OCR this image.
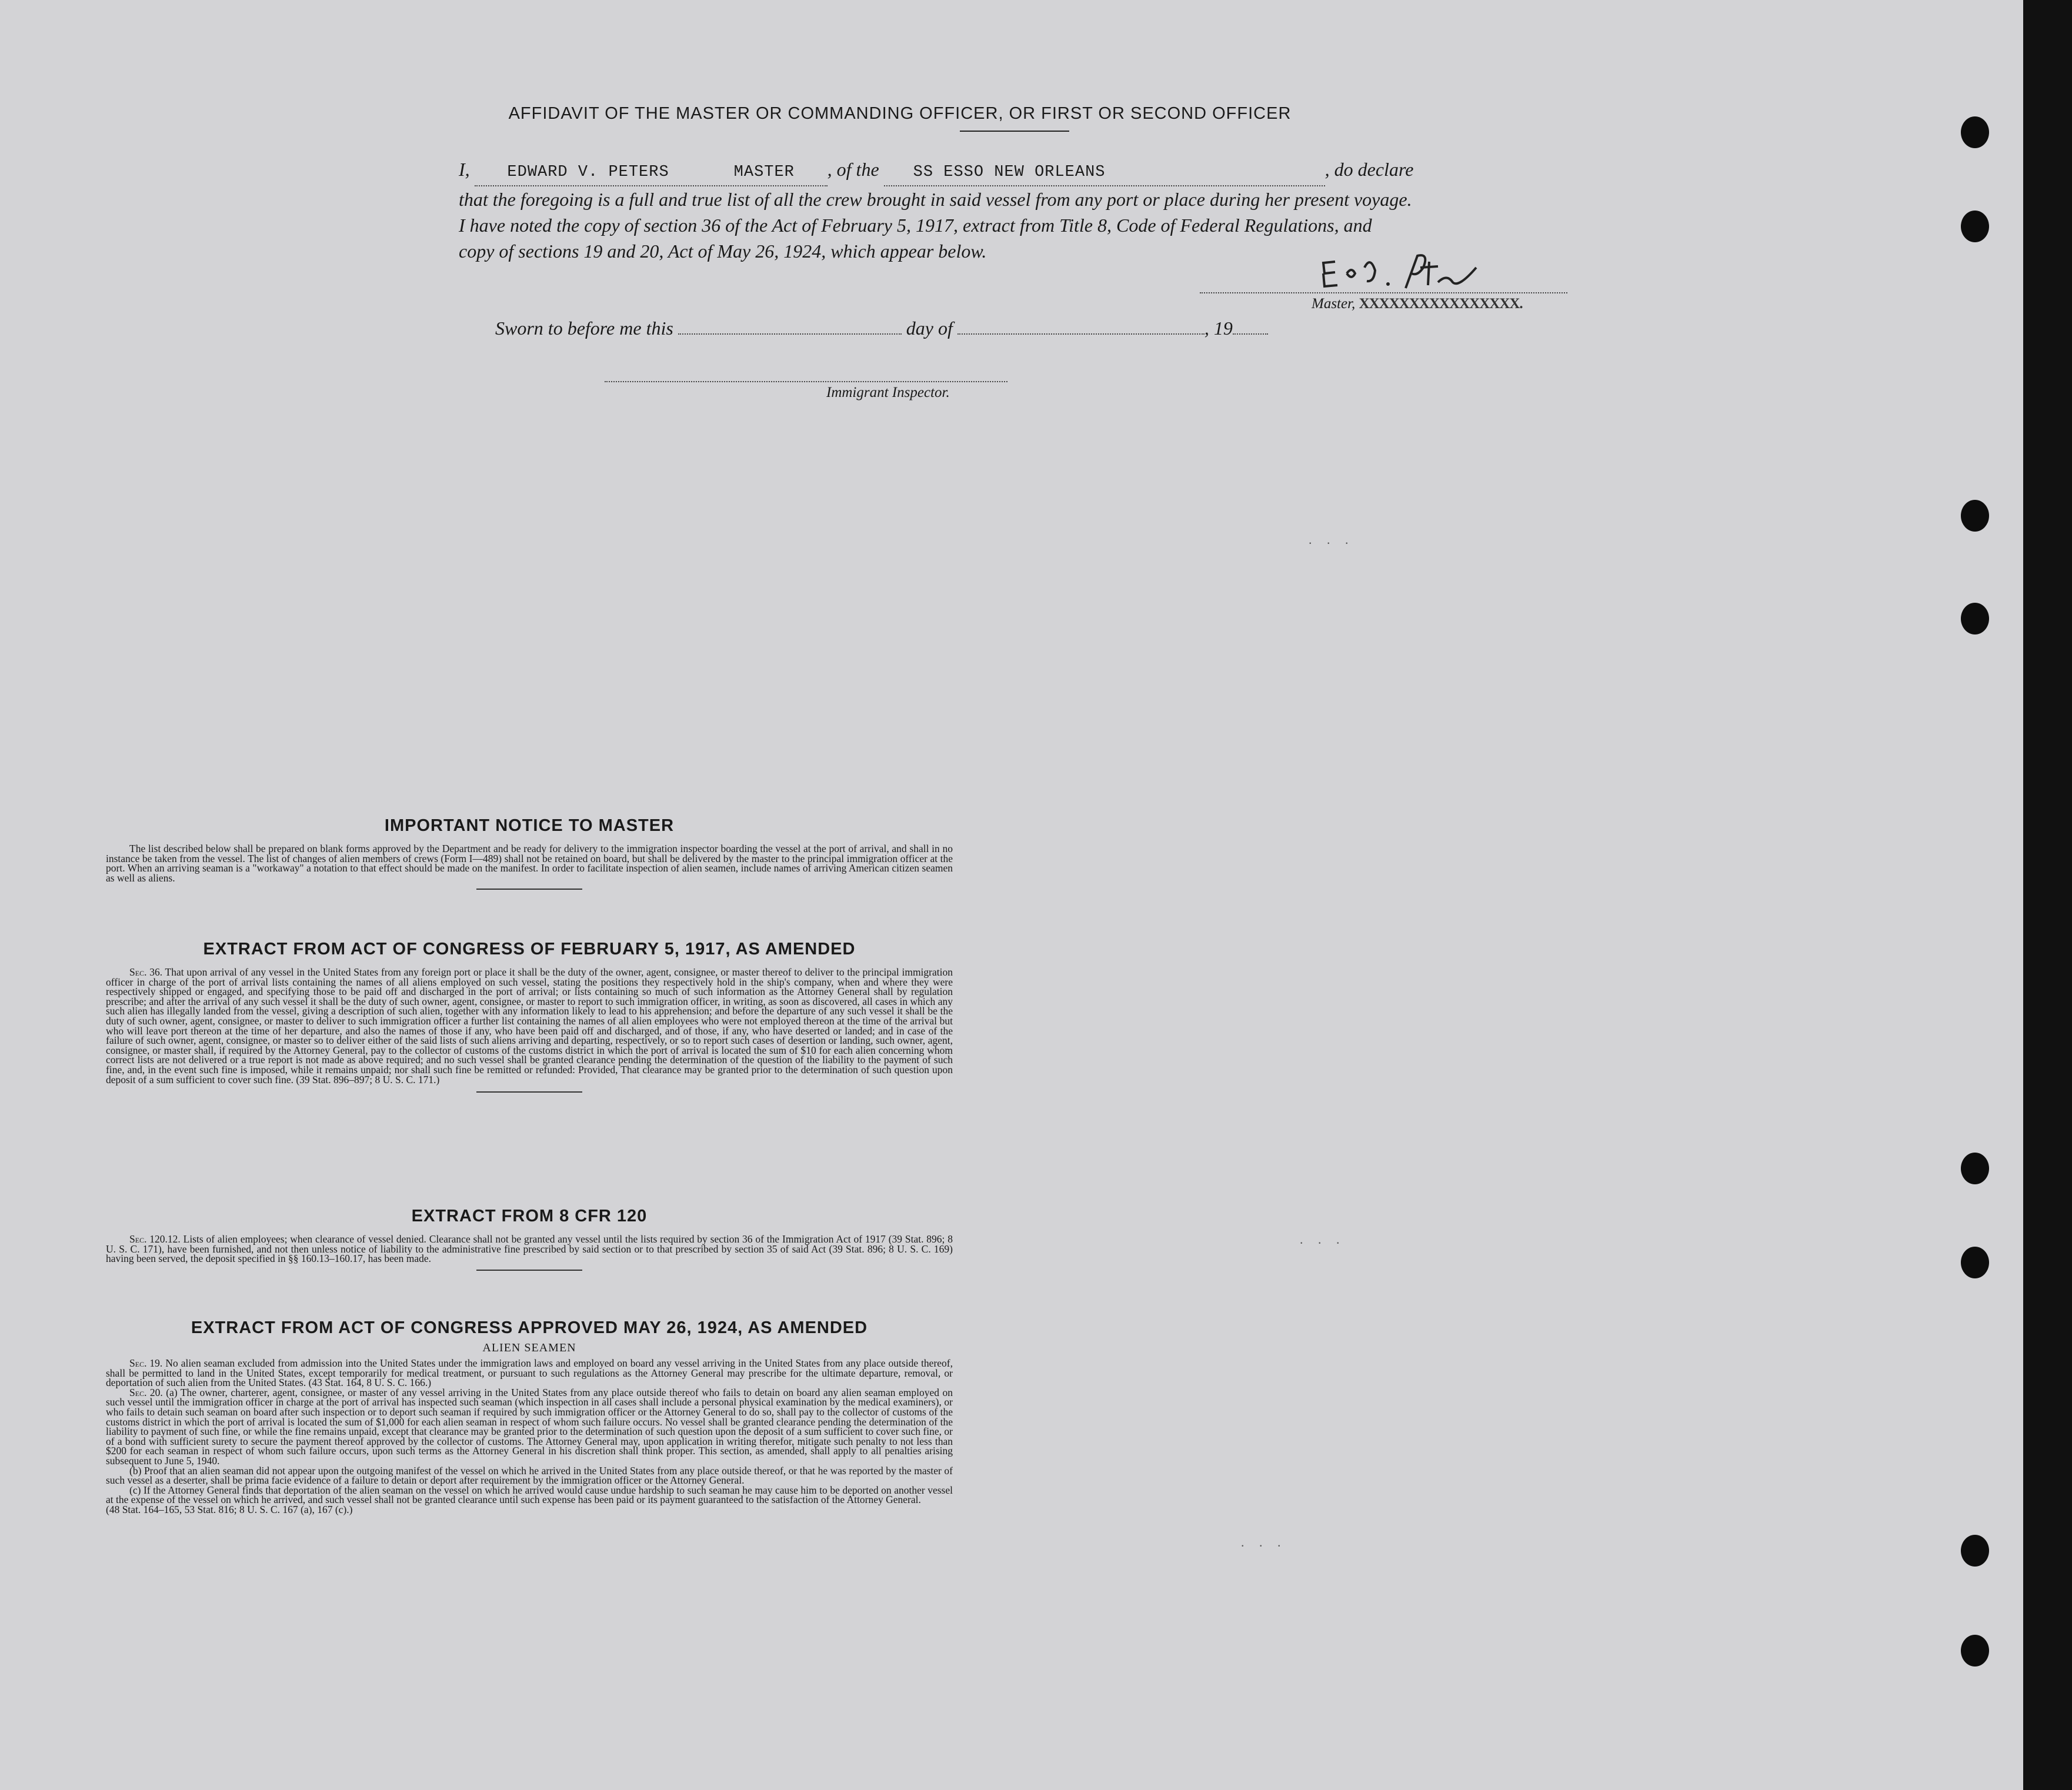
. . .
. . .
. . .
AFFIDAVIT OF THE MASTER OR COMMANDING OFFICER, OR FIRST OR SECOND OFFICER
I, EDWARD V. PETERS	MASTER , of the SS ESSO NEW ORLEANS	, do declare
that the foregoing is a full and true list of all the crew brought in said vessel from any port or place during her present voyage.
I have noted the copy of section 36 of the Act of February 5, 1917, extract from Title 8, Code of Federal Regulations, and
copy of sections 19 and 20, Act of May 26, 1924, which appear below.
Master, XXXXXXXXXXXXXXXX.
Sworn to before me this	day of	, 19
Immigrant Inspector.
IMPORTANT NOTICE TO MASTER

The list described below shall be prepared on blank forms approved by the Department and be ready for delivery to the immigration inspector boarding the vessel at the port of arrival, and shall in no instance be taken from the vessel. The list of changes of alien members of crews (Form I—489) shall not be retained on board, but shall be delivered by the master to the principal immigration officer at the port. When an arriving seaman is a "workaway" a notation to that effect should be made on the manifest. In order to facilitate inspection of alien seamen, include names of arriving American citizen seamen as well as aliens.

EXTRACT FROM ACT OF CONGRESS OF FEBRUARY 5, 1917, AS AMENDED

Sec. 36. That upon arrival of any vessel in the United States from any foreign port or place it shall be the duty of the owner, agent, consignee, or master thereof to deliver to the principal immigration officer in charge of the port of arrival lists containing the names of all aliens employed on such vessel, stating the positions they respectively hold in the ship's company, when and where they were respectively shipped or engaged, and specifying those to be paid off and discharged in the port of arrival; or lists containing so much of such information as the Attorney General shall by regulation prescribe; and after the arrival of any such vessel it shall be the duty of such owner, agent, consignee, or master to report to such immigration officer, in writing, as soon as discovered, all cases in which any such alien has illegally landed from the vessel, giving a description of such alien, together with any information likely to lead to his apprehension; and before the departure of any such vessel it shall be the duty of such owner, agent, consignee, or master to deliver to such immigration officer a further list containing the names of all alien employees who were not employed thereon at the time of the arrival but who will leave port thereon at the time of her departure, and also the names of those if any, who have been paid off and discharged, and of those, if any, who have deserted or landed; and in case of the failure of such owner, agent, consignee, or master so to deliver either of the said lists of such aliens arriving and departing, respectively, or so to report such cases of desertion or landing, such owner, agent, consignee, or master shall, if required by the Attorney General, pay to the collector of customs of the customs district in which the port of arrival is located the sum of $10 for each alien concerning whom correct lists are not delivered or a true report is not made as above required; and no such vessel shall be granted clearance pending the determination of the question of the liability to the payment of such fine, and, in the event such fine is imposed, while it remains unpaid; nor shall such fine be remitted or refunded: Provided, That clearance may be granted prior to the determination of such question upon deposit of a sum sufficient to cover such fine. (39 Stat. 896–897; 8 U. S. C. 171.)

EXTRACT FROM 8 CFR 120

Sec. 120.12. Lists of alien employees; when clearance of vessel denied. Clearance shall not be granted any vessel until the lists required by section 36 of the Immigration Act of 1917 (39 Stat. 896; 8 U. S. C. 171), have been furnished, and not then unless notice of liability to the administrative fine prescribed by said section or to that prescribed by section 35 of said Act (39 Stat. 896; 8 U. S. C. 169) having been served, the deposit specified in §§ 160.13–160.17, has been made.

EXTRACT FROM ACT OF CONGRESS APPROVED MAY 26, 1924, AS AMENDED
ALIEN SEAMEN

Sec. 19. No alien seaman excluded from admission into the United States under the immigration laws and employed on board any vessel arriving in the United States from any place outside thereof, shall be permitted to land in the United States, except temporarily for medical treatment, or pursuant to such regulations as the Attorney General may prescribe for the ultimate departure, removal, or deportation of such alien from the United States. (43 Stat. 164, 8 U. S. C. 166.)

Sec. 20. (a) The owner, charterer, agent, consignee, or master of any vessel arriving in the United States from any place outside thereof who fails to detain on board any alien seaman employed on such vessel until the immigration officer in charge at the port of arrival has inspected such seaman (which inspection in all cases shall include a personal physical examination by the medical examiners), or who fails to detain such seaman on board after such inspection or to deport such seaman if required by such immigration officer or the Attorney General to do so, shall pay to the collector of customs of the customs district in which the port of arrival is located the sum of $1,000 for each alien seaman in respect of whom such failure occurs. No vessel shall be granted clearance pending the determination of the liability to payment of such fine, or while the fine remains unpaid, except that clearance may be granted prior to the determination of such question upon the deposit of a sum sufficient to cover such fine, or of a bond with sufficient surety to secure the payment thereof approved by the collector of customs. The Attorney General may, upon application in writing therefor, mitigate such penalty to not less than $200 for each seaman in respect of whom such failure occurs, upon such terms as the Attorney General in his discretion shall think proper. This section, as amended, shall apply to all penalties arising subsequent to June 5, 1940.

(b) Proof that an alien seaman did not appear upon the outgoing manifest of the vessel on which he arrived in the United States from any place outside thereof, or that he was reported by the master of such vessel as a deserter, shall be prima facie evidence of a failure to detain or deport after requirement by the immigration officer or the Attorney General.

(c) If the Attorney General finds that deportation of the alien seaman on the vessel on which he arrived would cause undue hardship to such seaman he may cause him to be deported on another vessel at the expense of the vessel on which he arrived, and such vessel shall not be granted clearance until such expense has been paid or its payment guaranteed to the satisfaction of the Attorney General.

(48 Stat. 164–165, 53 Stat. 816; 8 U. S. C. 167 (a), 167 (c).)
